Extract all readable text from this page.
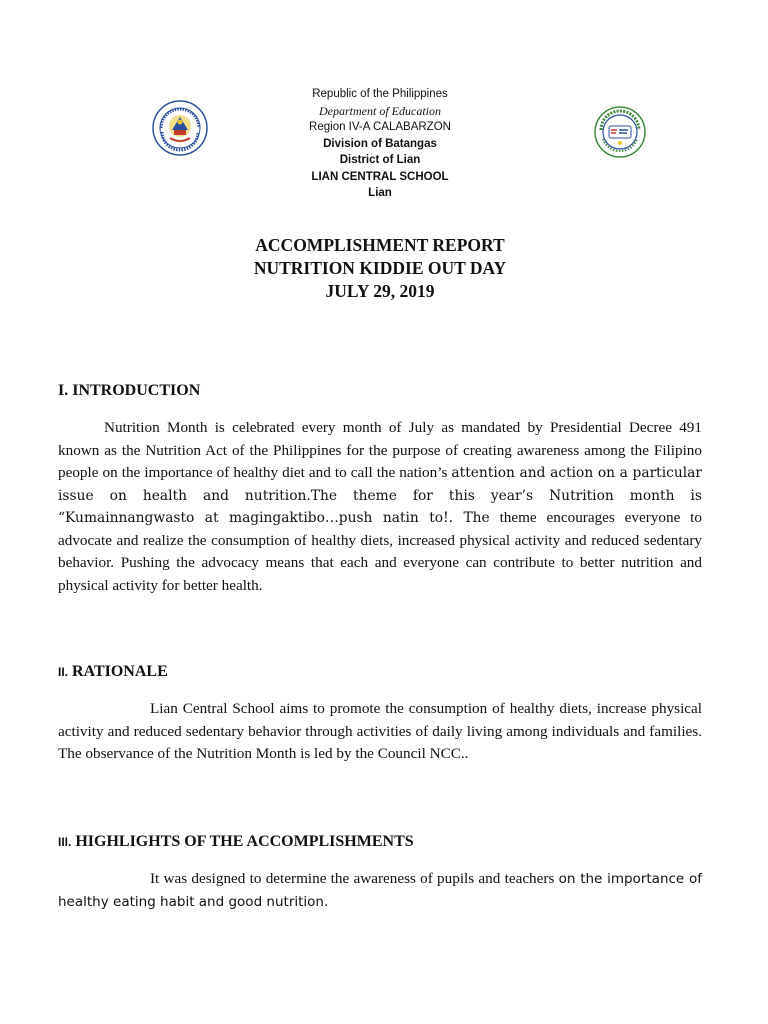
Republic of the Philippines
Department of Education
Region IV-A CALABARZON
Division of Batangas
District of Lian
LIAN CENTRAL SCHOOL
Lian
ACCOMPLISHMENT REPORT
NUTRITION KIDDIE OUT DAY
JULY 29, 2019
I. INTRODUCTION
Nutrition Month is celebrated every month of July as mandated by Presidential Decree 491 known as the Nutrition Act of the Philippines for the purpose of creating awareness among the Filipino people on the importance of healthy diet and to call the nation’s attention and action on a particular issue on health and nutrition.The theme for this year’s Nutrition month is “Kumainnangwasto at magingaktibo…push natin to!. The theme encourages everyone to advocate and realize the consumption of healthy diets, increased physical activity and reduced sedentary behavior. Pushing the advocacy means that each and everyone can contribute to better nutrition and physical activity for better health.
II. RATIONALE
Lian Central School aims to promote the consumption of healthy diets, increase physical activity and reduced sedentary behavior through activities of daily living among individuals and families. The observance of the Nutrition Month is led by the Council NCC..
III. HIGHLIGHTS OF THE ACCOMPLISHMENTS
It was designed to determine the awareness of pupils and teachers on the importance of healthy eating habit and good nutrition.
